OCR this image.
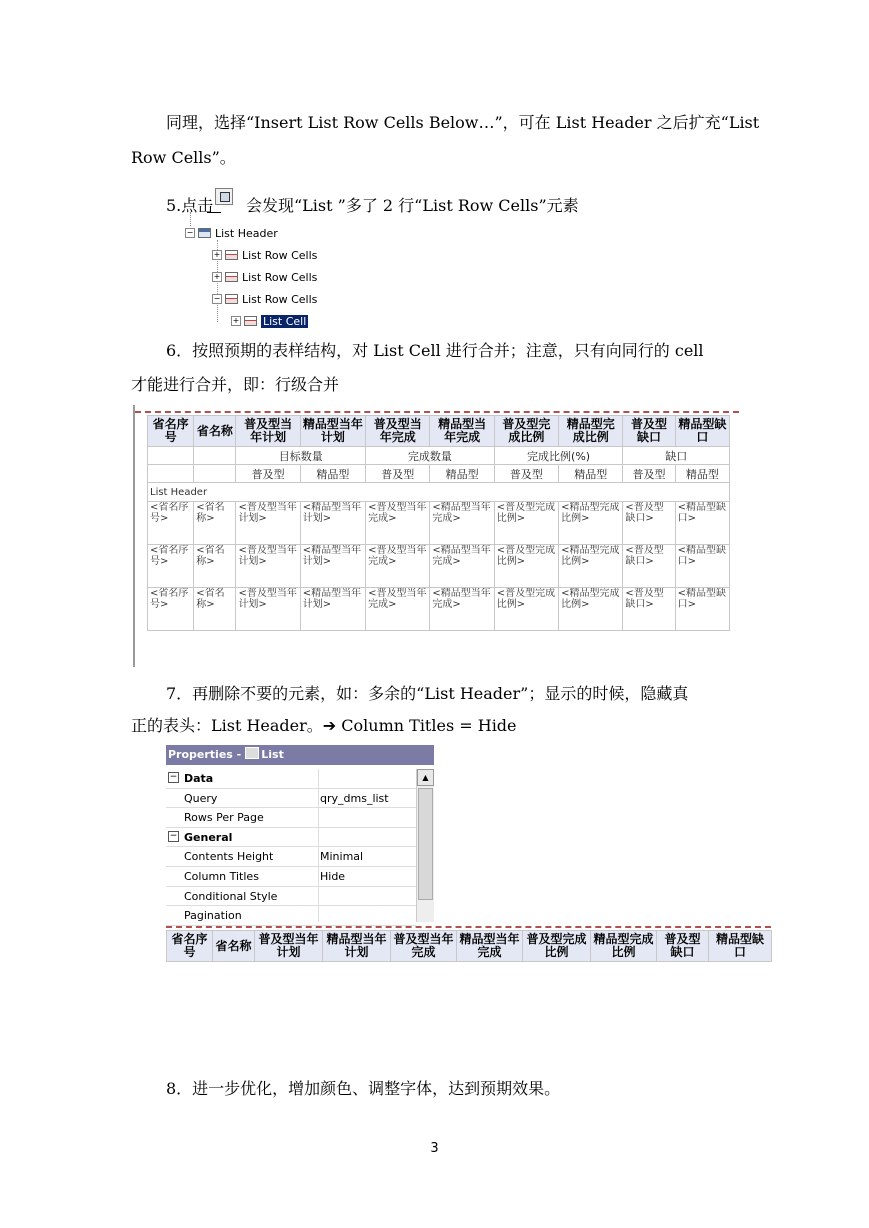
同理，选择“Insert List Row Cells Below…”，可在 List Header 之后扩充“List
Row Cells”。
5.点击 会发现“List ”多了 2 行“List Row Cells”元素
− List Header
+ List Row Cells
+ List Row Cells
− List Row Cells
+ List Cell
6．按照预期的表样结构，对 List Cell 进行合并；注意，只有向同行的 cell
才能进行合并，即：行级合并
省名序号	省名称	普及型当年计划	精品型当年计划	普及型当年完成	精品型当年完成	普及型完成比例	精品型完成比例	普及型缺口	精品型缺口
		目标数量		完成数量		完成比例(%)		缺口	
		普及型	精品型	普及型	精品型	普及型	精品型	普及型	精品型
List Header									
<省名序号>	<省名称>	<普及型当年计划>	<精品型当年计划>	<普及型当年完成>	<精品型当年完成>	<普及型完成比例>	<精品型完成比例>	<普及型缺口>	<精品型缺口>
<省名序号>	<省名称>	<普及型当年计划>	<精品型当年计划>	<普及型当年完成>	<精品型当年完成>	<普及型完成比例>	<精品型完成比例>	<普及型缺口>	<精品型缺口>
<省名序号>	<省名称>	<普及型当年计划>	<精品型当年计划>	<普及型当年完成>	<精品型当年完成>	<普及型完成比例>	<精品型完成比例>	<普及型缺口>	<精品型缺口>
7．再删除不要的元素，如：多余的“List Header”；显示的时候，隐藏真
正的表头：List Header。➔ Column Titles = Hide
Properties - List
− Data
Query	qry_dms_list
Rows Per Page
− General
Contents Height	Minimal
Column Titles	Hide
Conditional Style
Pagination
▲
省名序号	省名称	普及型当年计划	精品型当年计划	普及型当年完成	精品型当年完成	普及型完成比例	精品型完成比例	普及型缺口	精品型缺口
8．进一步优化，增加颜色、调整字体，达到预期效果。
3
